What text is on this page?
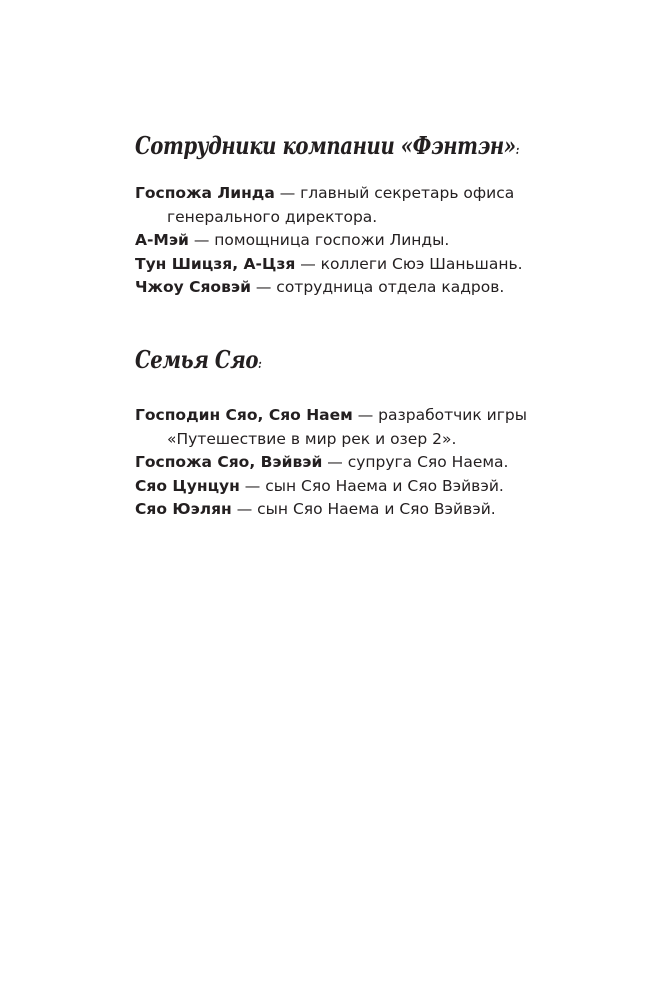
Сотрудники компании «Фэнтэн»:

Госпожа Линда — главный секретарь офиса генерального директора.

А-Мэй — помощница госпожи Линды.

Тун Шицзя, А-Цзя — коллеги Сюэ Шаньшань.

Чжоу Сяовэй — сотрудница отдела кадров.

Семья Сяо:

Господин Сяо, Сяо Наем — разработчик игры «Путешествие в мир рек и озер 2».

Госпожа Сяо, Вэйвэй — супруга Сяо Наема.

Сяо Цунцун — сын Сяо Наема и Сяо Вэйвэй.

Сяо Юэлян — сын Сяо Наема и Сяо Вэйвэй.
